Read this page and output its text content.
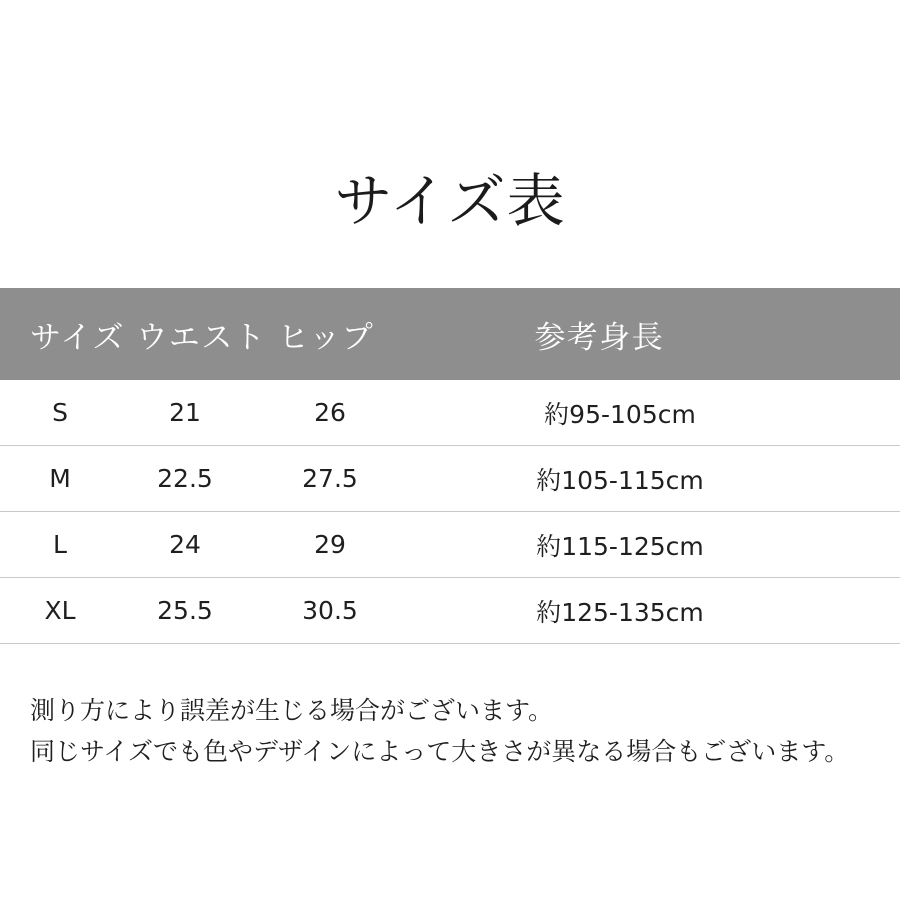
サイズ表
サイズ ウエスト ヒップ	参考身長
S	21	26	約95-105cm
M	22.5	27.5	約105-115cm
L	24	29	約115-125cm
XL	25.5	30.5	約125-135cm
測り方により誤差が生じる場合がございます。
同じサイズでも色やデザインによって大きさが異なる場合もございます。
